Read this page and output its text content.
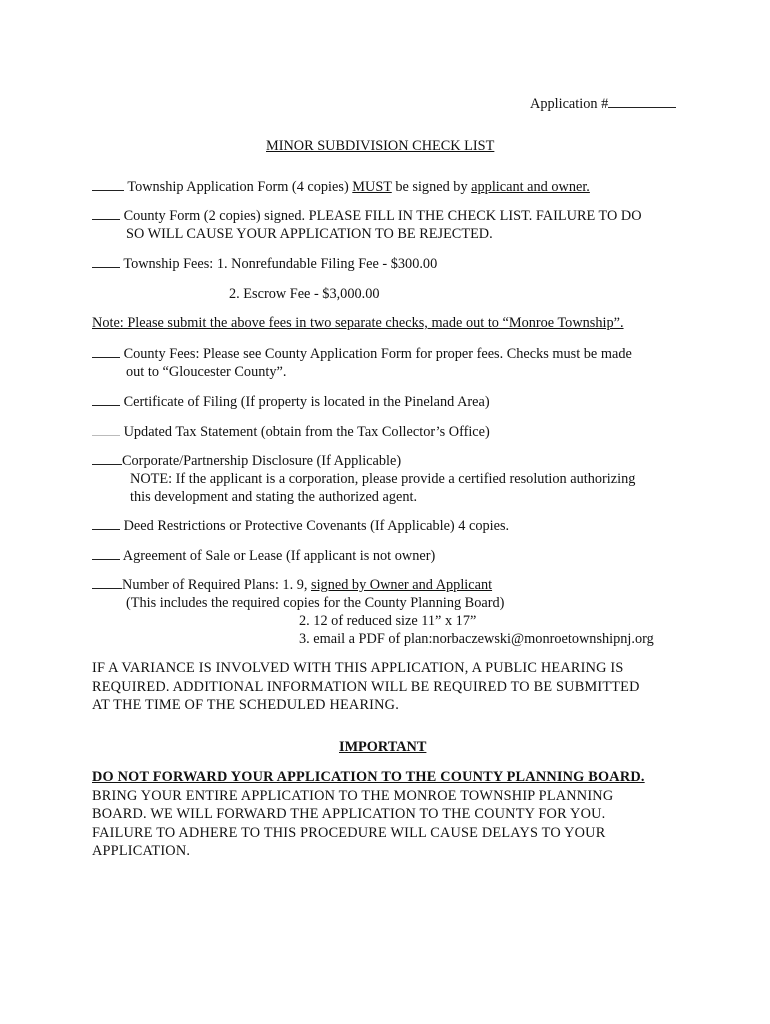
Application #
MINOR SUBDIVISION CHECK LIST
Township Application Form (4 copies) MUST be signed by applicant and owner.
County Form (2 copies) signed. PLEASE FILL IN THE CHECK LIST. FAILURE TO DO
SO WILL CAUSE YOUR APPLICATION TO BE REJECTED.
Township Fees: 1. Nonrefundable Filing Fee - $300.00
2. Escrow Fee - $3,000.00
Note: Please submit the above fees in two separate checks, made out to “Monroe Township”.
County Fees: Please see County Application Form for proper fees. Checks must be made
out to “Gloucester County”.
Certificate of Filing (If property is located in the Pineland Area)
Updated Tax Statement (obtain from the Tax Collector’s Office)
Corporate/Partnership Disclosure (If Applicable)
NOTE: If the applicant is a corporation, please provide a certified resolution authorizing
this development and stating the authorized agent.
Deed Restrictions or Protective Covenants (If Applicable) 4 copies.
Agreement of Sale or Lease (If applicant is not owner)
Number of Required Plans: 1. 9, signed by Owner and Applicant
(This includes the required copies for the County Planning Board)
2. 12 of reduced size 11” x 17”
3. email a PDF of plan:norbaczewski@monroetownshipnj.org
IF A VARIANCE IS INVOLVED WITH THIS APPLICATION, A PUBLIC HEARING IS
REQUIRED. ADDITIONAL INFORMATION WILL BE REQUIRED TO BE SUBMITTED
AT THE TIME OF THE SCHEDULED HEARING.
IMPORTANT
DO NOT FORWARD YOUR APPLICATION TO THE COUNTY PLANNING BOARD.
BRING YOUR ENTIRE APPLICATION TO THE MONROE TOWNSHIP PLANNING
BOARD. WE WILL FORWARD THE APPLICATION TO THE COUNTY FOR YOU.
FAILURE TO ADHERE TO THIS PROCEDURE WILL CAUSE DELAYS TO YOUR
APPLICATION.
